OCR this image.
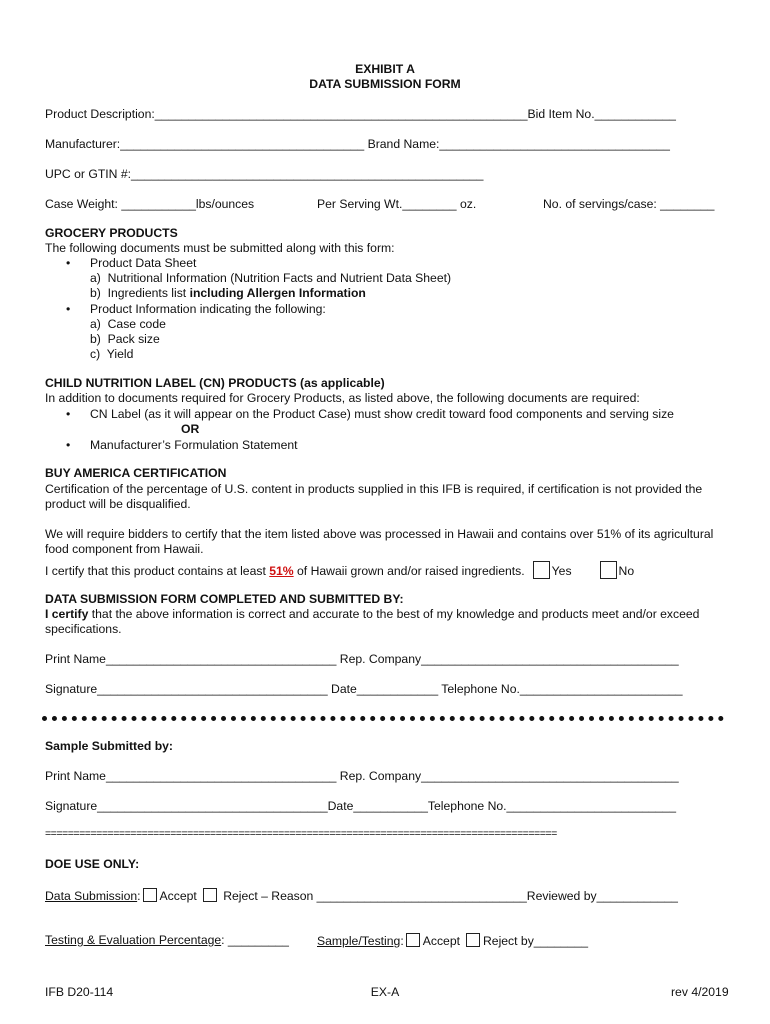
EXHIBIT A
DATA SUBMISSION FORM
Product Description:_______________________________________________________Bid Item No.____________
Manufacturer:____________________________________ Brand Name:__________________________________
UPC or GTIN #:____________________________________________________
Case Weight: ___________lbs/ounces	Per Serving Wt.________ oz.	No. of servings/case: ________
GROCERY PRODUCTS
The following documents must be submitted along with this form:
• Product Data Sheet
a)  Nutritional Information (Nutrition Facts and Nutrient Data Sheet)
b)  Ingredients list including Allergen Information
• Product Information indicating the following:
a)  Case code
b)  Pack size
c)  Yield
CHILD NUTRITION LABEL (CN) PRODUCTS (as applicable)
In addition to documents required for Grocery Products, as listed above, the following documents are required:
• CN Label (as it will appear on the Product Case) must show credit toward food components and serving size
OR
• Manufacturer’s Formulation Statement
BUY AMERICA CERTIFICATION
Certification of the percentage of U.S. content in products supplied in this IFB is required, if certification is not provided the
product will be disqualified.
We will require bidders to certify that the item listed above was processed in Hawaii and contains over 51% of its agricultural
food component from Hawaii.
I certify that this product contains at least 51% of Hawaii grown and/or raised ingredients. Yes	No
DATA SUBMISSION FORM COMPLETED AND SUBMITTED BY:
I certify that the above information is correct and accurate to the best of my knowledge and products meet and/or exceed
specifications.
Print Name__________________________________ Rep. Company______________________________________
Signature__________________________________ Date____________ Telephone No.________________________
Sample Submitted by:
Print Name__________________________________ Rep. Company______________________________________
Signature__________________________________Date___________Telephone No._________________________
==========================================================================================
DOE USE ONLY:
Data Submission: Accept Reject – Reason _______________________________Reviewed by____________
Testing & Evaluation Percentage: _________ Sample/Testing: Accept Reject by________
IFB D20-114	EX-A	rev 4/2019
